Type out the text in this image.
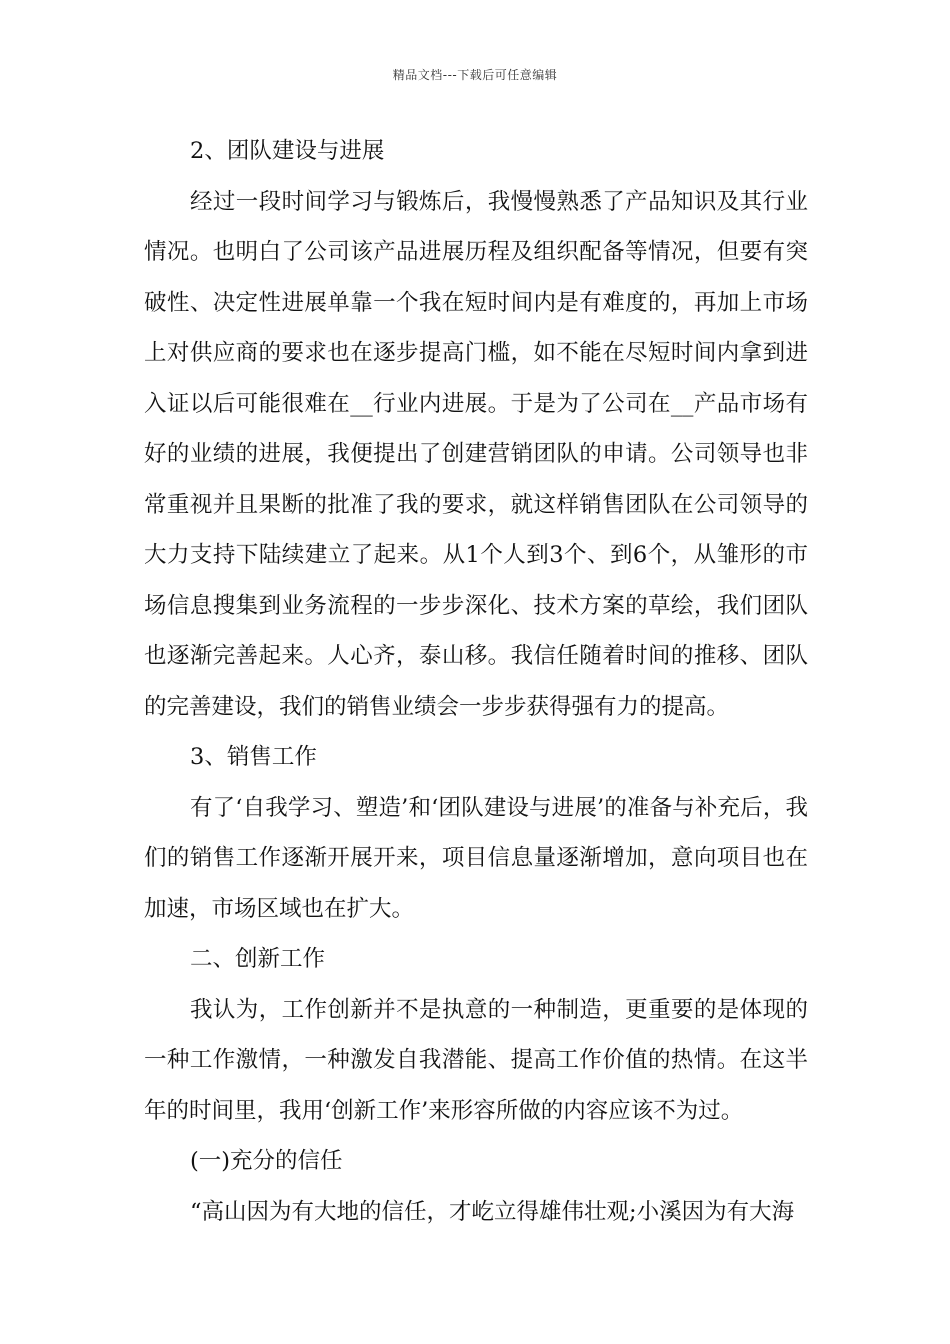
精品文档---下载后可任意编辑

2、团队建设与进展

经过一段时间学习与锻炼后，我慢慢熟悉了产品知识及其行业情况。也明白了公司该产品进展历程及组织配备等情况，但要有突破性、决定性进展单靠一个我在短时间内是有难度的，再加上市场上对供应商的要求也在逐步提高门槛，如不能在尽短时间内拿到进入证以后可能很难在__行业内进展。于是为了公司在__产品市场有好的业绩的进展，我便提出了创建营销团队的申请。公司领导也非常重视并且果断的批准了我的要求，就这样销售团队在公司领导的大力支持下陆续建立了起来。从1个人到3个、到6个，从雏形的市场信息搜集到业务流程的一步步深化、技术方案的草绘，我们团队也逐渐完善起来。人心齐，泰山移。我信任随着时间的推移、团队的完善建设，我们的销售业绩会一步步获得强有力的提高。

3、销售工作

有了‘自我学习、塑造’和‘团队建设与进展’的准备与补充后，我们的销售工作逐渐开展开来，项目信息量逐渐增加，意向项目也在加速，市场区域也在扩大。

二、创新工作

我认为，工作创新并不是执意的一种制造，更重要的是体现的一种工作激情，一种激发自我潜能、提高工作价值的热情。在这半年的时间里，我用‘创新工作’来形容所做的内容应该不为过。

(一)充分的信任

“高山因为有大地的信任，才屹立得雄伟壮观;小溪因为有大海
